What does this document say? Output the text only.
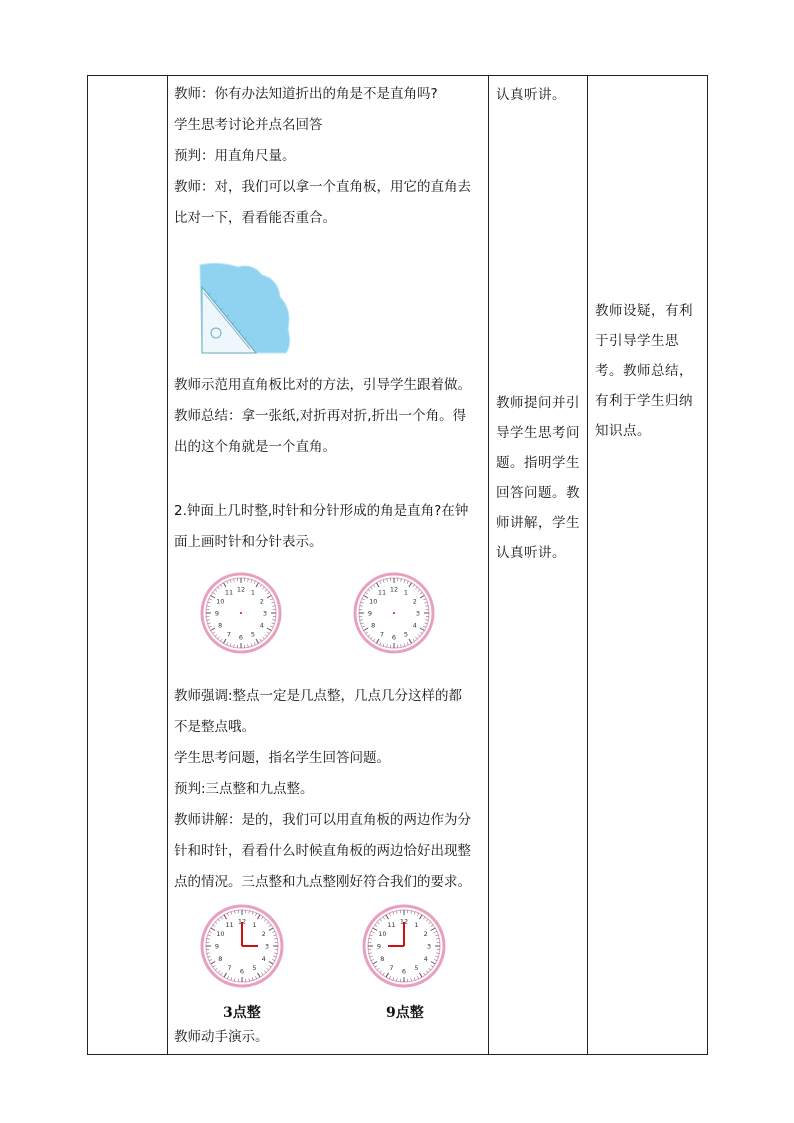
教师：你有办法知道折出的角是不是直角吗?
学生思考讨论并点名回答
预判：用直角尺量。
教师：对，我们可以拿一个直角板，用它的直角去
比对一下，看看能否重合。
教师示范用直角板比对的方法，引导学生跟着做。
教师总结：拿一张纸,对折再对折,折出一个角。得
出的这个角就是一个直角。
2.钟面上几时整,时针和分针形成的角是直角?在钟
面上画时针和分针表示。
12 1
2
3
4
5
6
7
8
9
10
11	12 1
2
3
4
5
6
7
8
9
10
11
教师强调:整点一定是几点整，几点几分这样的都
不是整点哦。
学生思考问题，指名学生回答问题。
预判:三点整和九点整。
教师讲解：是的，我们可以用直角板的两边作为分
针和时针，看看什么时候直角板的两边恰好出现整
点的情况。三点整和九点整刚好符合我们的要求。
12 1
2
3
4
5
6
7
8
9
10
11	12 1
2
3
4
5
6
7
8
9
10
11
3点整	9点整
教师动手演示。

认真听讲。
教师提问并引导学生思考问题。指明学生回答问题。教师讲解，学生认真听讲。

教师设疑，有利于引导学生思考。教师总结，有利于学生归纳知识点。
